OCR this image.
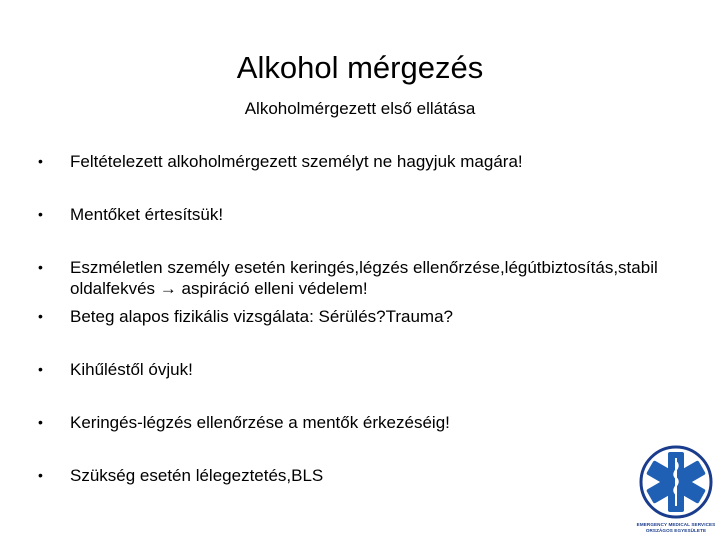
Alkohol mérgezés
Alkoholmérgezett első ellátása
•	Feltételezett alkoholmérgezett személyt ne hagyjuk magára!
•	Mentőket értesítsük!
•	Eszméletlen személy esetén keringés,légzés ellenőrzése,légútbiztosítás,stabil oldalfekvés → aspiráció elleni védelem!
•	Beteg alapos fizikális vizsgálata: Sérülés?Trauma?
•	Kihűléstől óvjuk!
•	Keringés-légzés ellenőrzése a mentők érkezéséig!
•	Szükség esetén lélegeztetés,BLS
EMERGENCY MEDICAL SERVICES
ORSZÁGOS EGYESÜLETE
